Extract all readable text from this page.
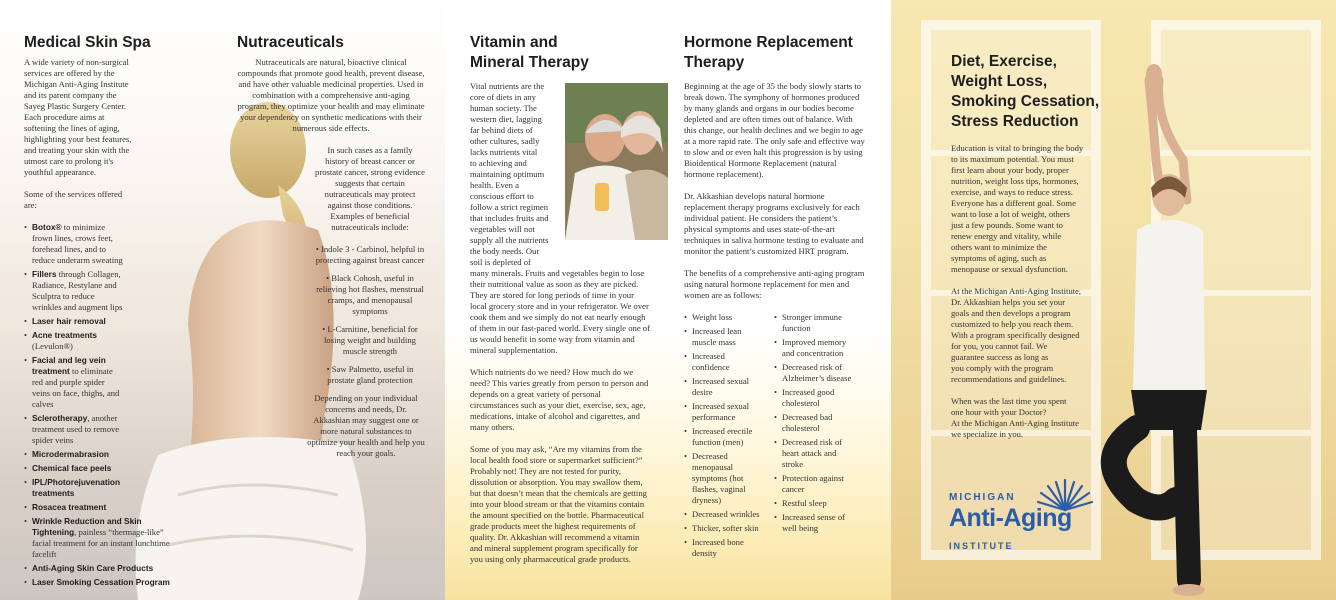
Medical Skin Spa

A wide variety of non-surgical services are offered by the Michigan Anti-Aging Institute and its parent company the Sayeg Plastic Surgery Center. Each procedure aims at softening the lines of aging, highlighting your best features, and treating your skin with the utmost care to prolong it's youthful appearance.

Some of the services offered are:

• Botox® to minimize frown lines, crows feet, forehead lines, and to reduce underarm sweating
• Fillers through Collagen, Radiance, Restylane and Sculptra to reduce wrinkles and augment lips
• Laser hair removal
• Acne treatments (Levulon®)
• Facial and leg vein treatment to eliminate red and purple spider veins on face, thighs, and calves
• Sclerotherapy, another treatment used to remove spider veins
• Microdermabrasion
• Chemical face peels
• IPL/Photorejuvenation treatments
• Rosacea treatment
• Wrinkle Reduction and Skin Tightening, painless “thermage-like” facial treatment for an instant lunchtime facelift
• Anti-Aging Skin Care Products
• Laser Smoking Cessation Program
Nutraceuticals

Nutraceuticals are natural, bioactive clinical compounds that promote good health, prevent disease, and have other valuable medicinal properties. Used in combination with a comprehensive anti-aging program, they optimize your health and may eliminate your dependency on synthetic medications with their numerous side effects.

In such cases as a family history of breast cancer or prostate cancer, strong evidence suggests that certain nutraceuticals may protect against those conditions. Examples of beneficial nutraceuticals include:

• Indole 3 - Carbinol, helpful in protecting against breast cancer
• Black Cohosh, useful in relieving hot flashes, menstrual cramps, and menopausal symptoms
• L-Carnitine, beneficial for losing weight and building muscle strength
• Saw Palmetto, useful in prostate gland protection

Depending on your individual concerns and needs, Dr. Akkashian may suggest one or more natural substances to optimize your health and help you reach your goals.

Vitamin and
Mineral Therapy
Vital nutrients are the
core of diets in any
human society. The
western diet, lagging
far behind diets of
other cultures, sadly
lacks nutrients vital
to achieving and
maintaining optimum
health. Even a
conscious effort to
follow a strict regimen
that includes fruits and
vegetables will not
supply all the nutrients
the body needs. Our
soil is depleted of

many minerals. Fruits and vegetables begin to lose their nutritional value as soon as they are picked. They are stored for long periods of time in your local grocery store and in your refrigerator. We over cook them and we simply do not eat nearly enough of them in our fast-paced world. Every single one of us would benefit in some way from vitamin and mineral supplementation.

Which nutrients do we need? How much do we need? This varies greatly from person to person and depends on a great variety of personal circumstances such as your diet, exercise, sex, age, medications, intake of alcohol and cigarettes, and many others.

Some of you may ask, “Are my vitamins from the local health food store or supermarket sufficient?” Probably not! They are not tested for purity, dissolution or absorption. You may swallow them, but that doesn’t mean that the chemicals are getting into your blood stream or that the vitamins contain the amount specified on the bottle. Pharmaceutical grade products meet the highest requirements of quality. Dr. Akkashian will recommend a vitamin and mineral supplement program specifically for you using only pharmaceutical grade products.

Hormone Replacement
Therapy

Beginning at the age of 35 the body slowly starts to break down. The symphony of hormones produced by many glands and organs in our bodies become depleted and are often times out of balance. With this change, our health declines and we begin to age at a more rapid rate. The only safe and effective way to slow and or even halt this progression is by using Bioidentical Hormone Replacement (natural hormone replacement).

Dr. Akkashian develops natural hormone replacement therapy programs exclusively for each individual patient. He considers the patient’s physical symptoms and uses state-of-the-art techniques in saliva hormone testing to evaluate and monitor the patient’s customized HRT program.

The benefits of a comprehensive anti-aging program using natural hormone replacement for men and women are as follows:

• Weight loss
• Increased lean muscle mass
• Increased confidence
• Increased sexual desire
• Increased sexual performance
• Increased erectile function (men)
• Decreased menopausal symptoms (hot flashes, vaginal dryness)
• Decreased wrinkles
• Thicker, softer skin
• Increased bone density
• Stronger immune function
• Improved memory and concentration
• Decreased risk of Alzheimer’s disease
• Increased good cholesterol
• Decreased bad cholesterol
• Decreased risk of heart attack and stroke
• Protection against cancer
• Restful sleep
• Increased sense of well being
Diet, Exercise,
Weight Loss,
Smoking Cessation,
Stress Reduction

Education is vital to bringing the body
to its maximum potential. You must
first learn about your body, proper
nutrition, weight loss tips, hormones,
exercise, and ways to reduce stress.
Everyone has a different goal. Some
want to lose a lot of weight, others
just a few pounds. Some want to
renew energy and vitality, while
others want to minimize the
symptoms of aging, such as
menopause or sexual dysfunction.

At the Michigan Anti-Aging Institute,
Dr. Akkashian helps you set your
goals and then develops a program
customized to help you reach them.
With a program specifically designed
for you, you cannot fail. We
guarantee success as long as
you comply with the program
recommendations and guidelines.

When was the last time you spent
one hour with your Doctor?
At the Michigan Anti-Aging Institute
we specialize in you.

MICHIGAN
Anti-Aging
INSTITUTE
